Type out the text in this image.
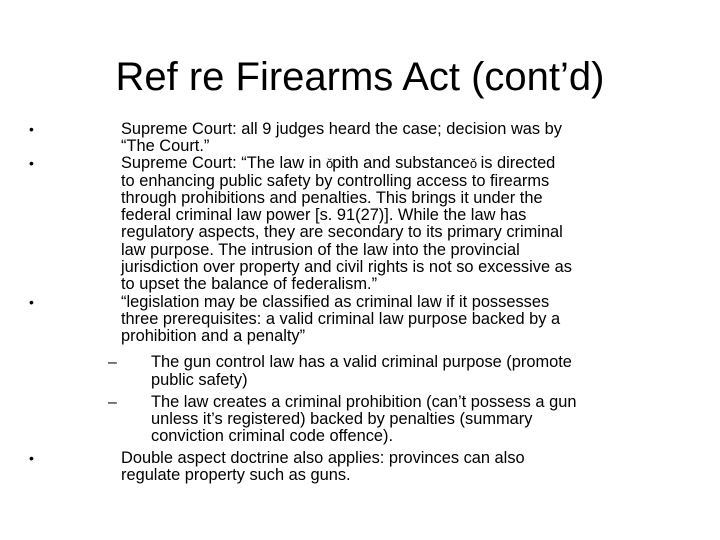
Ref re Firearms Act (cont’d)
•	Supreme Court: all 9 judges heard the case; decision was by
“The Court.”
•	Supreme Court: “The law in ǒpith and substanceǒ is directed
to enhancing public safety by controlling access to firearms
through prohibitions and penalties. This brings it under the
federal criminal law power [s. 91(27)]. While the law has
regulatory aspects, they are secondary to its primary criminal
law purpose. The intrusion of the law into the provincial
jurisdiction over property and civil rights is not so excessive as
to upset the balance of federalism.”
•	“legislation may be classified as criminal law if it possesses
three prerequisites: a valid criminal law purpose backed by a
prohibition and a penalty”
– The gun control law has a valid criminal purpose (promote
public safety)
– The law creates a criminal prohibition (can’t possess a gun
unless it’s registered) backed by penalties (summary
conviction criminal code offence).
•	Double aspect doctrine also applies: provinces can also
regulate property such as guns.
